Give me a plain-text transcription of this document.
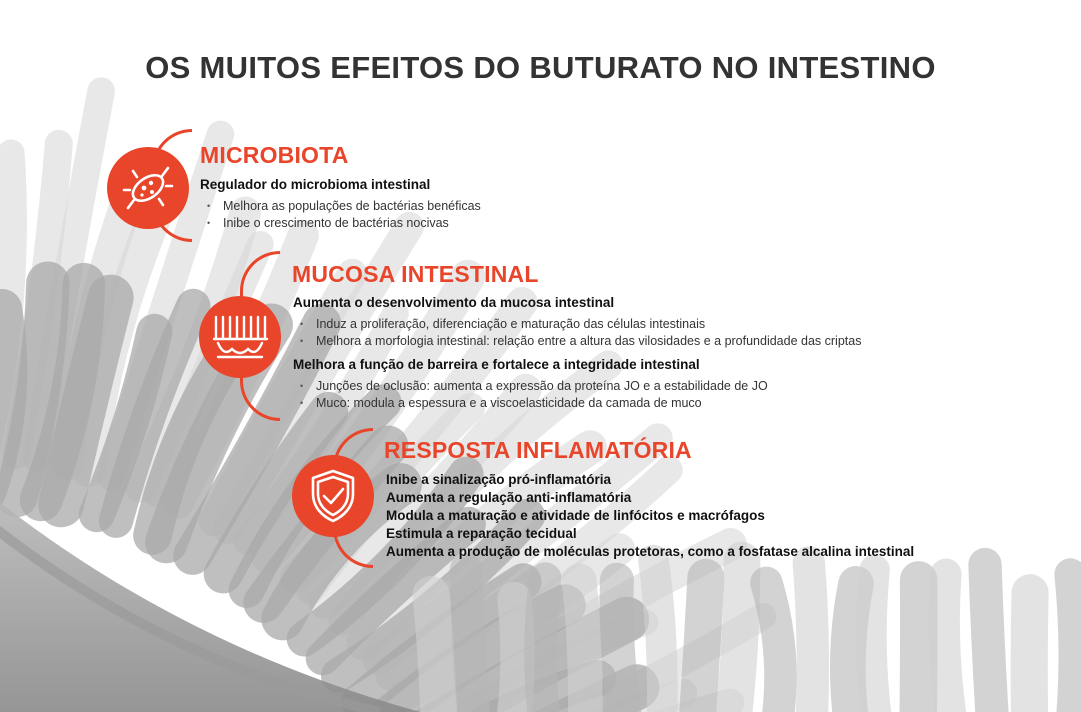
OS MUITOS EFEITOS DO BUTURATO NO INTESTINO
MICROBIOTA
Regulador do microbioma intestinal
• Melhora as populações de bactérias benéficas
• Inibe o crescimento de bactérias nocivas
MUCOSA INTESTINAL
Aumenta o desenvolvimento da mucosa intestinal
• Induz a proliferação, diferenciação e maturação das células intestinais
• Melhora a morfologia intestinal: relação entre a altura das vilosidades e a profundidade das criptas
Melhora a função de barreira e fortalece a integridade intestinal
• Junções de oclusão: aumenta a expressão da proteína JO e a estabilidade de JO
• Muco: modula a espessura e a viscoelasticidade da camada de muco
RESPOSTA INFLAMATÓRIA
Inibe a sinalização pró-inflamatória
Aumenta a regulação anti-inflamatória
Modula a maturação e atividade de linfócitos e macrófagos
Estimula a reparação tecidual
Aumenta a produção de moléculas protetoras, como a fosfatase alcalina intestinal
